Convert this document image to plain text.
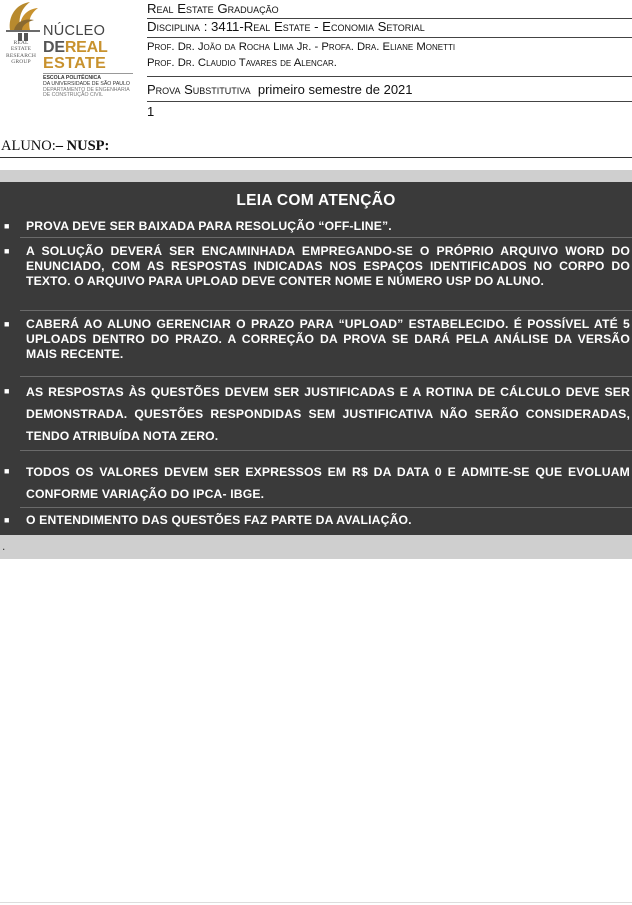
REAL
ESTATE
RESEARCH
GROUP
NÚCLEO
DEREAL
ESTATE
ESCOLA POLITÉCNICA
DA UNIVERSIDADE DE SÃO PAULO
DEPARTAMENTO DE ENGENHARIA
DE CONSTRUÇÃO CIVIL
Real Estate Graduação
Disciplina : 3411-Real Estate - Economia Setorial
Prof. Dr. João da Rocha Lima Jr. - Profa. Dra. Eliane Monetti
Prof. Dr. Claudio Tavares de Alencar.
Prova Substitutiva primeiro semestre de 2021
1
ALUNO:– NUSP:
LEIA COM ATENÇÃO
■ PROVA DEVE SER BAIXADA PARA RESOLUÇÃO “OFF-LINE”.
■ A SOLUÇÃO DEVERÁ SER ENCAMINHADA EMPREGANDO-SE O PRÓPRIO ARQUIVO WORD DO ENUNCIADO, COM AS RESPOSTAS INDICADAS NOS ESPAÇOS IDENTIFICADOS NO CORPO DO TEXTO. O ARQUIVO PARA UPLOAD DEVE CONTER NOME E NÚMERO USP DO ALUNO.
■ CABERÁ AO ALUNO GERENCIAR O PRAZO PARA “UPLOAD” ESTABELECIDO. É POSSÍVEL ATÉ 5 UPLOADS DENTRO DO PRAZO. A CORREÇÃO DA PROVA SE DARÁ PELA ANÁLISE DA VERSÃO MAIS RECENTE.
■ AS RESPOSTAS ÀS QUESTÕES DEVEM SER JUSTIFICADAS E A ROTINA DE CÁLCULO DEVE SER DEMONSTRADA. QUESTÕES RESPONDIDAS SEM JUSTIFICATIVA NÃO SERÃO CONSIDERADAS, TENDO ATRIBUÍDA NOTA ZERO.
■ TODOS OS VALORES DEVEM SER EXPRESSOS EM R$ DA DATA 0 E ADMITE-SE QUE EVOLUAM CONFORME VARIAÇÃO DO IPCA- IBGE.
■ O ENTENDIMENTO DAS QUESTÕES FAZ PARTE DA AVALIAÇÃO.
.
